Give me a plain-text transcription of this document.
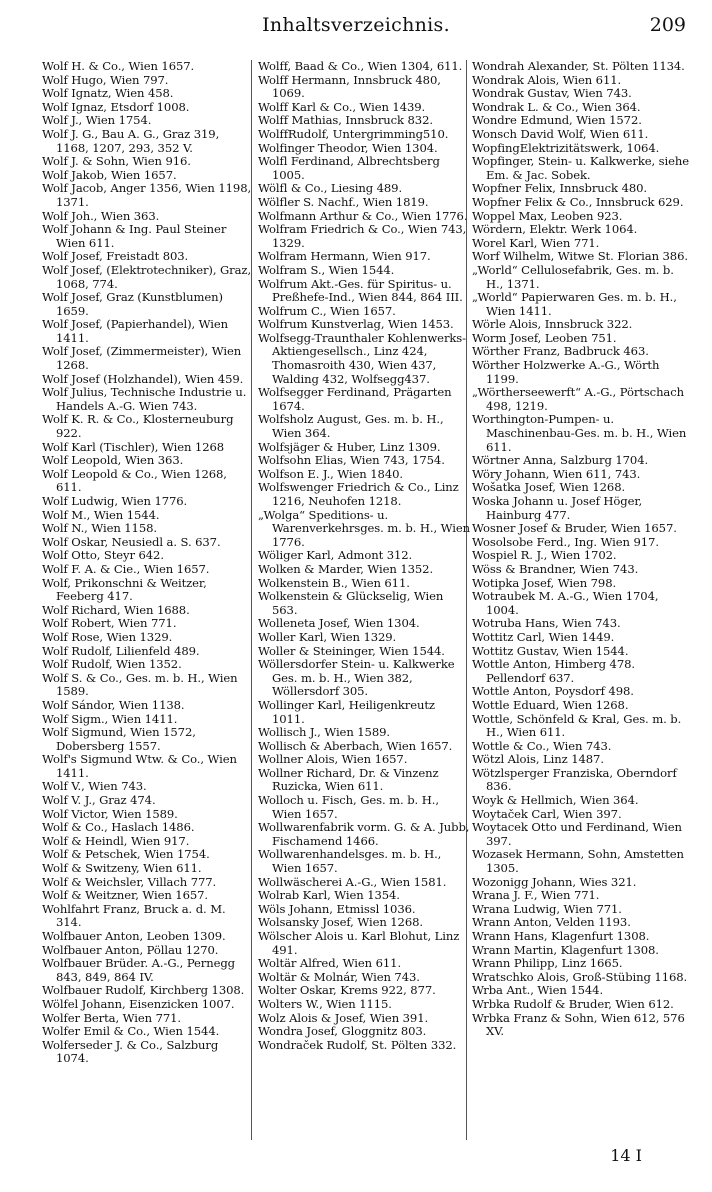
Inhaltsverzeichnis.	209

Wolf H. & Co., Wien 1657.

Wolf Hugo, Wien 797.

Wolf Ignatz, Wien 458.

Wolf Ignaz, Etsdorf 1008.

Wolf J., Wien 1754.

Wolf J. G., Bau A. G., Graz 319, 1168, 1207, 293, 352 V.

Wolf J. & Sohn, Wien 916.

Wolf Jakob, Wien 1657.

Wolf Jacob, Anger 1356, Wien 1198, 1371.

Wolf Joh., Wien 363.

Wolf Johann & Ing. Paul Steiner Wien 611.

Wolf Josef, Freistadt 803.

Wolf Josef, (Elektrotechniker), Graz, 1068, 774.

Wolf Josef, Graz (Kunstblumen) 1659.

Wolf Josef, (Papierhandel), Wien 1411.

Wolf Josef, (Zimmermeister), Wien 1268.

Wolf Josef (Holzhandel), Wien 459.

Wolf Julius, Technische Industrie u. Handels A.-G. Wien 743.

Wolf K. R. & Co., Klosterneuburg 922.

Wolf Karl (Tischler), Wien 1268

Wolf Leopold, Wien 363.

Wolf Leopold & Co., Wien 1268, 611.

Wolf Ludwig, Wien 1776.

Wolf M., Wien 1544.

Wolf N., Wien 1158.

Wolf Oskar, Neusiedl a. S. 637.

Wolf Otto, Steyr 642.

Wolf F. A. & Cie., Wien 1657.

Wolf, Prikonschni & Weitzer, Feeberg 417.

Wolf Richard, Wien 1688.

Wolf Robert, Wien 771.

Wolf Rose, Wien 1329.

Wolf Rudolf, Lilienfeld 489.

Wolf Rudolf, Wien 1352.

Wolf S. & Co., Ges. m. b. H., Wien 1589.

Wolf Sándor, Wien 1138.

Wolf Sigm., Wien 1411.

Wolf Sigmund, Wien 1572, Dobersberg 1557.

Wolf's Sigmund Wtw. & Co., Wien 1411.

Wolf V., Wien 743.

Wolf V. J., Graz 474.

Wolf Victor, Wien 1589.

Wolf & Co., Haslach 1486.

Wolf & Heindl, Wien 917.

Wolf & Petschek, Wien 1754.

Wolf & Switzeny, Wien 611.

Wolf & Weichsler, Villach 777.

Wolf & Weitzner, Wien 1657.

Wohlfahrt Franz, Bruck a. d. M. 314.

Wolfbauer Anton, Leoben 1309.

Wolfbauer Anton, Pöllau 1270.

Wolfbauer Brüder. A.-G., Pernegg 843, 849, 864 IV.

Wolfbauer Rudolf, Kirchberg 1308.

Wölfel Johann, Eisenzicken 1007.

Wolfer Berta, Wien 771.

Wolfer Emil & Co., Wien 1544.

Wolferseder J. & Co., Salzburg 1074.

Wolff, Baad & Co., Wien 1304, 611.

Wolff Hermann, Innsbruck 480, 1069.

Wolff Karl & Co., Wien 1439.

Wolff Mathias, Innsbruck 832.

WolffRudolf, Untergrimming510.

Wolfinger Theodor, Wien 1304.

Wolfl Ferdinand, Albrechtsberg 1005.

Wölfl & Co., Liesing 489.

Wölfler S. Nachf., Wien 1819.

Wolfmann Arthur & Co., Wien 1776.

Wolfram Friedrich & Co., Wien 743, 1329.

Wolfram Hermann, Wien 917.

Wolfram S., Wien 1544.

Wolfrum Akt.-Ges. für Spiritus- u. Preßhefe-Ind., Wien 844, 864 III.

Wolfrum C., Wien 1657.

Wolfrum Kunstverlag, Wien 1453.

Wolfsegg-Traunthaler Kohlenwerks-Aktiengesellsch., Linz 424, Thomasroith 430, Wien 437, Walding 432, Wolfsegg437.

Wolfsegger Ferdinand, Prägarten 1674.

Wolfsholz August, Ges. m. b. H., Wien 364.

Wolfsjäger & Huber, Linz 1309.

Wolfsohn Elias, Wien 743, 1754.

Wolfson E. J., Wien 1840.

Wolfswenger Friedrich & Co., Linz 1216, Neuhofen 1218.

„Wolga“ Speditions- u. Warenverkehrsges. m. b. H., Wien 1776.

Wöliger Karl, Admont 312.

Wolken & Marder, Wien 1352.

Wolkenstein B., Wien 611.

Wolkenstein & Glückselig, Wien 563.

Wolleneta Josef, Wien 1304.

Woller Karl, Wien 1329.

Woller & Steininger, Wien 1544.

Wöllersdorfer Stein- u. Kalkwerke Ges. m. b. H., Wien 382, Wöllersdorf 305.

Wollinger Karl, Heiligenkreutz 1011.

Wollisch J., Wien 1589.

Wollisch & Aberbach, Wien 1657.

Wollner Alois, Wien 1657.

Wollner Richard, Dr. & Vinzenz Ruzicka, Wien 611.

Wolloch u. Fisch, Ges. m. b. H., Wien 1657.

Wollwarenfabrik vorm. G. & A. Jubb, Fischamend 1466.

Wollwarenhandelsges. m. b. H., Wien 1657.

Wollwäscherei A.-G., Wien 1581.

Wolrab Karl, Wien 1354.

Wöls Johann, Etmissl 1036.

Wolsansky Josef, Wien 1268.

Wölscher Alois u. Karl Blohut, Linz 491.

Woltär Alfred, Wien 611.

Woltär & Molnár, Wien 743.

Wolter Oskar, Krems 922, 877.

Wolters W., Wien 1115.

Wolz Alois & Josef, Wien 391.

Wondra Josef, Gloggnitz 803.

Wondraček Rudolf, St. Pölten 332.

Wondrah Alexander, St. Pölten 1134.

Wondrak Alois, Wien 611.

Wondrak Gustav, Wien 743.

Wondrak L. & Co., Wien 364.

Wondre Edmund, Wien 1572.

Wonsch David Wolf, Wien 611.

WopfingElektrizitätswerk, 1064.

Wopfinger, Stein- u. Kalkwerke, siehe Em. & Jac. Sobek.

Wopfner Felix, Innsbruck 480.

Wopfner Felix & Co., Innsbruck 629.

Woppel Max, Leoben 923.

Wördern, Elektr. Werk 1064.

Worel Karl, Wien 771.

Worf Wilhelm, Witwe St. Florian 386.

„World“ Cellulosefabrik, Ges. m. b. H., 1371.

„World“ Papierwaren Ges. m. b. H., Wien 1411.

Wörle Alois, Innsbruck 322.

Worm Josef, Leoben 751.

Wörther Franz, Badbruck 463.

Wörther Holzwerke A.-G., Wörth 1199.

„Wörtherseewerft“ A.-G., Pörtschach 498, 1219.

Worthington-Pumpen- u. Maschinenbau-Ges. m. b. H., Wien 611.

Wörtner Anna, Salzburg 1704.

Wöry Johann, Wien 611, 743.

Wošatka Josef, Wien 1268.

Woska Johann u. Josef Höger, Hainburg 477.

Wosner Josef & Bruder, Wien 1657.

Wosolsobe Ferd., Ing. Wien 917.

Wospiel R. J., Wien 1702.

Wöss & Brandner, Wien 743.

Wotipka Josef, Wien 798.

Wotraubek M. A.-G., Wien 1704, 1004.

Wotruba Hans, Wien 743.

Wottitz Carl, Wien 1449.

Wottitz Gustav, Wien 1544.

Wottle Anton, Himberg 478. Pellendorf 637.

Wottle Anton, Poysdorf 498.

Wottle Eduard, Wien 1268.

Wottle, Schönfeld & Kral, Ges. m. b. H., Wien 611.

Wottle & Co., Wien 743.

Wötzl Alois, Linz 1487.

Wötzlsperger Franziska, Oberndorf 836.

Woyk & Hellmich, Wien 364.

Woytaček Carl, Wien 397.

Woytacek Otto und Ferdinand, Wien 397.

Wozasek Hermann, Sohn, Amstetten 1305.

Wozonigg Johann, Wies 321.

Wrana J. F., Wien 771.

Wrana Ludwig, Wien 771.

Wrann Anton, Velden 1193.

Wrann Hans, Klagenfurt 1308.

Wrann Martin, Klagenfurt 1308.

Wrann Philipp, Linz 1665.

Wratschko Alois, Groß-Stübing 1168.

Wrba Ant., Wien 1544.

Wrbka Rudolf & Bruder, Wien 612.

Wrbka Franz & Sohn, Wien 612, 576 XV.

14 I
